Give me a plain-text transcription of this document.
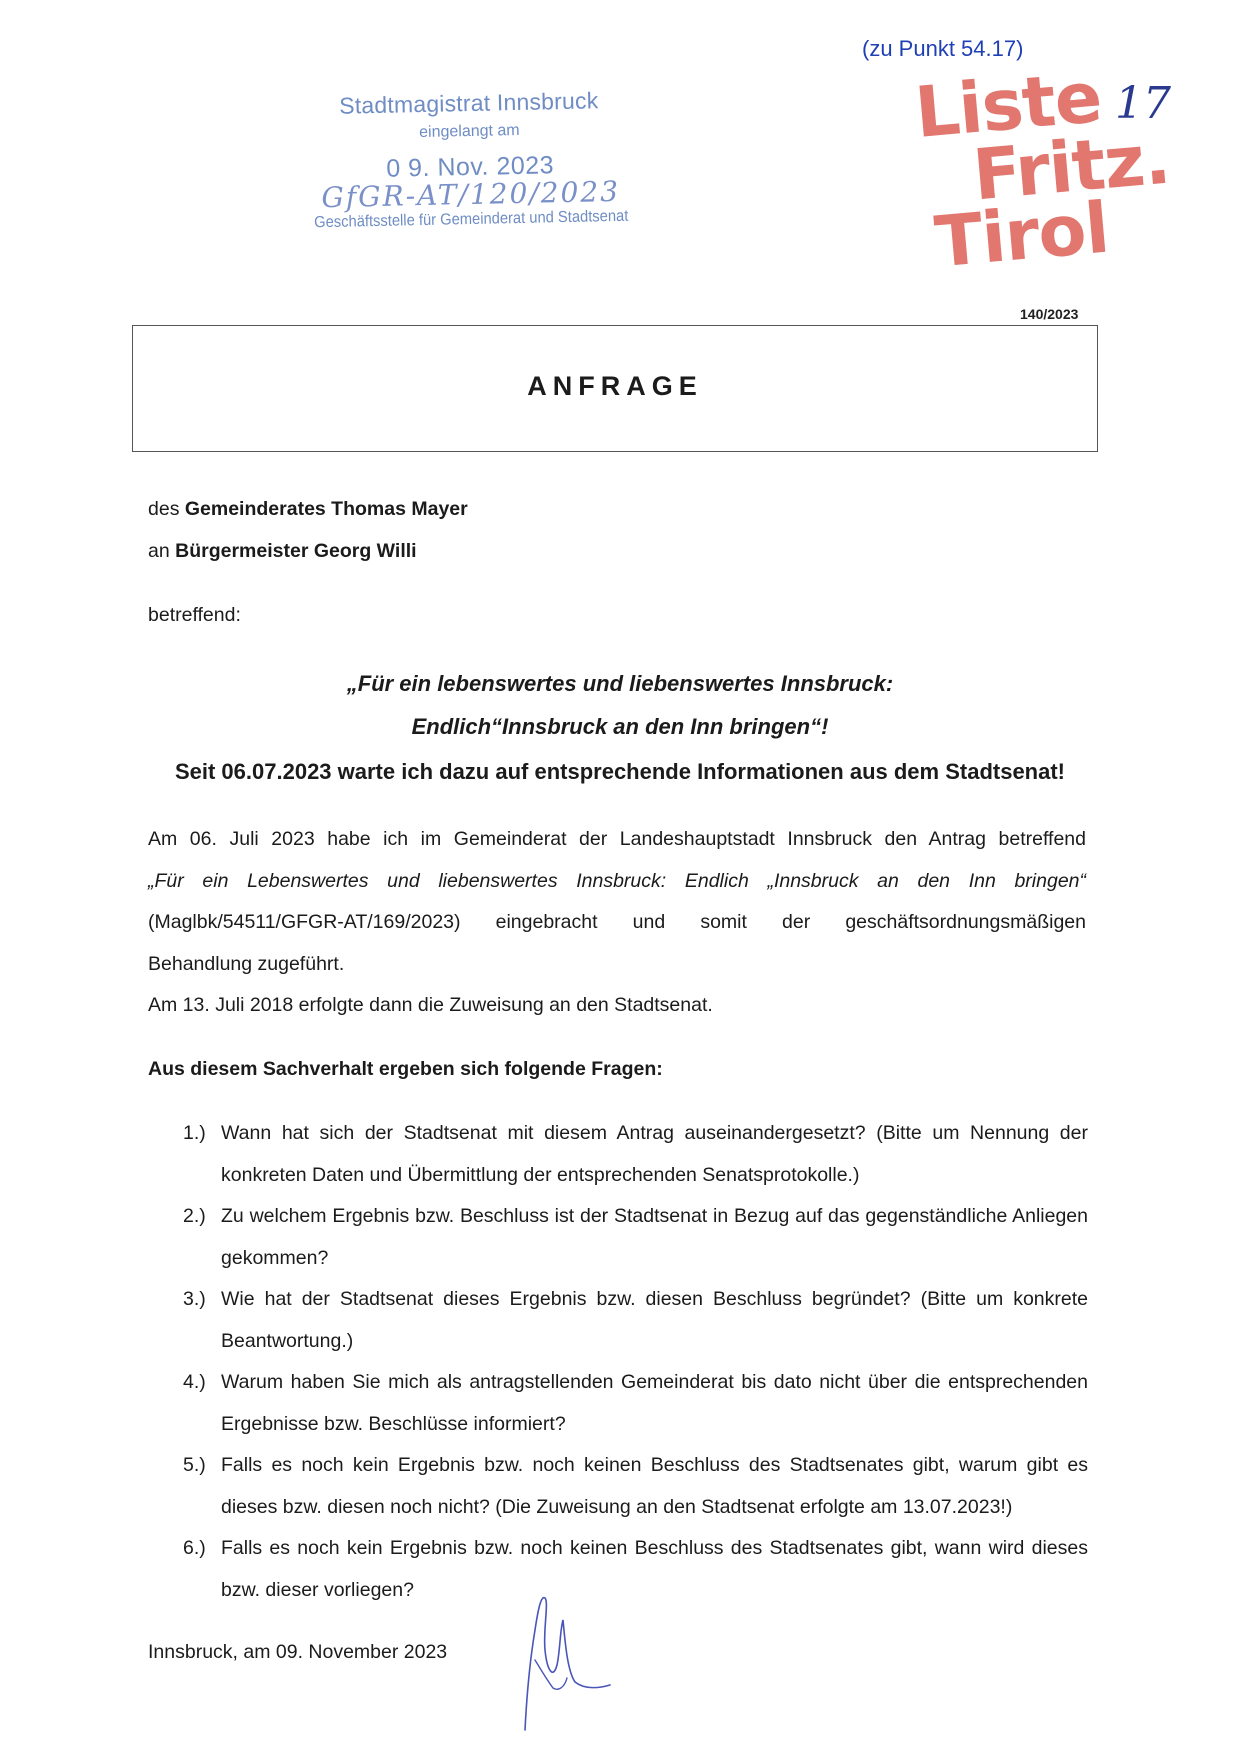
(zu Punkt 54.17)
Stadtmagistrat Innsbruck
eingelangt am
0 9. Nov. 2023
GfGR-AT/120/2023
Geschäftsstelle für Gemeinderat und Stadtsenat
Liste
Fritz.
Tirol
17
140/2023
ANFRAGE
des Gemeinderates Thomas Mayer
an Bürgermeister Georg Willi
betreffend:
„Für ein lebenswertes und liebenswertes Innsbruck:
Endlich“Innsbruck an den Inn bringen“!
Seit 06.07.2023 warte ich dazu auf entsprechende Informationen aus dem Stadtsenat!
Am 06. Juli 2023 habe ich im Gemeinderat der Landeshauptstadt Innsbruck den Antrag betreffend
„Für ein Lebenswertes und liebenswertes Innsbruck: Endlich „Innsbruck an den Inn bringen“
(Maglbk/54511/GFGR-AT/169/2023) eingebracht und somit der geschäftsordnungsmäßigen
Behandlung zugeführt.
Am 13. Juli 2018 erfolgte dann die Zuweisung an den Stadtsenat.
Aus diesem Sachverhalt ergeben sich folgende Fragen:
1.) Wann hat sich der Stadtsenat mit diesem Antrag auseinandergesetzt? (Bitte um Nennung der konkreten Daten und Übermittlung der entsprechenden Senatsprotokolle.)
2.) Zu welchem Ergebnis bzw. Beschluss ist der Stadtsenat in Bezug auf das gegenständliche Anliegen gekommen?
3.) Wie hat der Stadtsenat dieses Ergebnis bzw. diesen Beschluss begründet? (Bitte um konkrete Beantwortung.)
4.) Warum haben Sie mich als antragstellenden Gemeinderat bis dato nicht über die entsprechenden Ergebnisse bzw. Beschlüsse informiert?
5.) Falls es noch kein Ergebnis bzw. noch keinen Beschluss des Stadtsenates gibt, warum gibt es dieses bzw. diesen noch nicht? (Die Zuweisung an den Stadtsenat erfolgte am 13.07.2023!)
6.) Falls es noch kein Ergebnis bzw. noch keinen Beschluss des Stadtsenates gibt, wann wird dieses bzw. dieser vorliegen?
Innsbruck, am 09. November 2023
